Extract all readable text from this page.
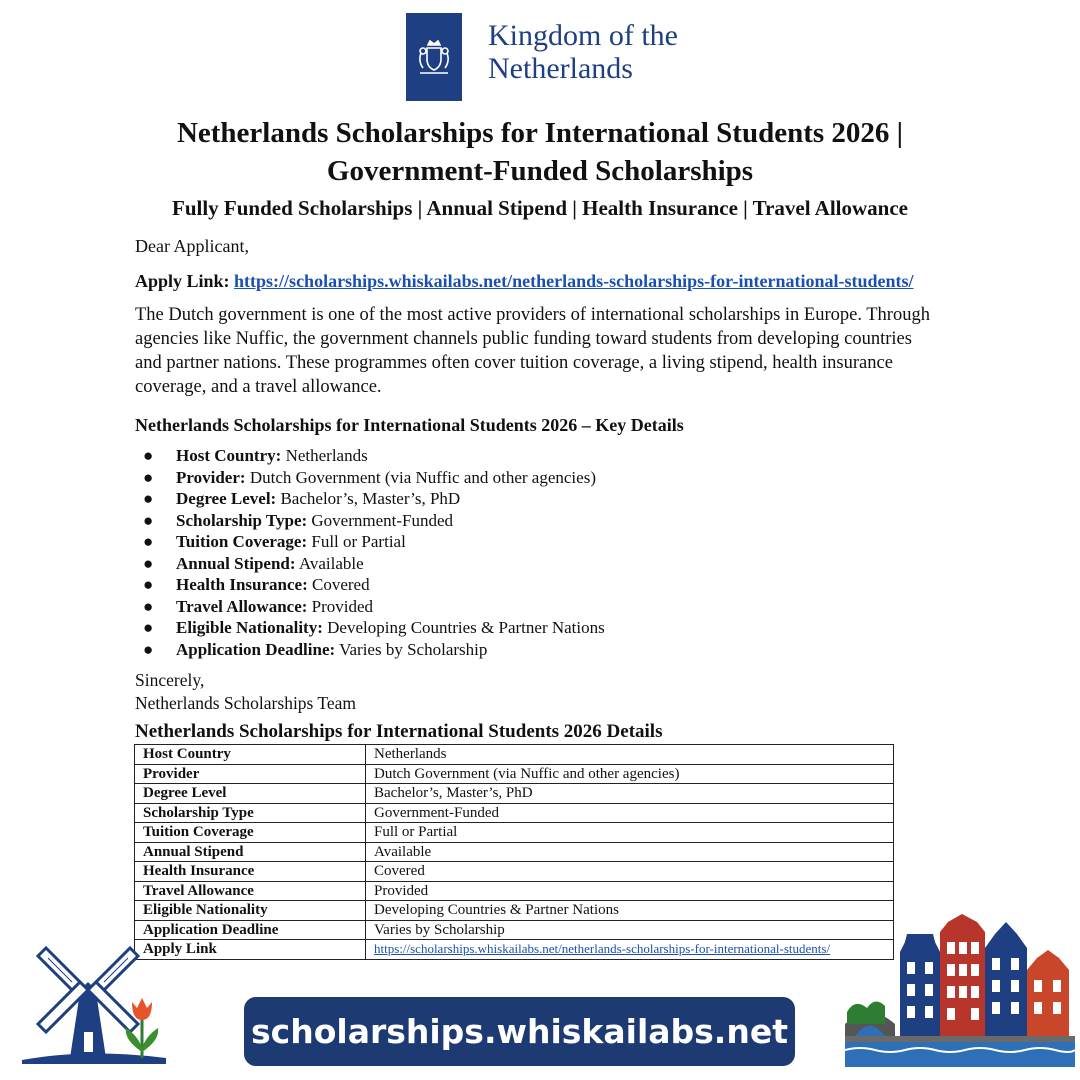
Kingdom of the
Netherlands
Netherlands Scholarships for International Students 2026 |
Government-Funded Scholarships
Fully Funded Scholarships | Annual Stipend | Health Insurance | Travel Allowance
Dear Applicant,
Apply Link: https://scholarships.whiskailabs.net/netherlands-scholarships-for-international-students/
The Dutch government is one of the most active providers of international scholarships in Europe. Through agencies like Nuffic, the government channels public funding toward students from developing countries and partner nations. These programmes often cover tuition coverage, a living stipend, health insurance coverage, and a travel allowance.
Netherlands Scholarships for International Students 2026 – Key Details
● Host Country: Netherlands
● Provider: Dutch Government (via Nuffic and other agencies)
● Degree Level: Bachelor’s, Master’s, PhD
● Scholarship Type: Government-Funded
● Tuition Coverage: Full or Partial
● Annual Stipend: Available
● Health Insurance: Covered
● Travel Allowance: Provided
● Eligible Nationality: Developing Countries & Partner Nations
● Application Deadline: Varies by Scholarship
Sincerely,
Netherlands Scholarships Team
Netherlands Scholarships for International Students 2026 Details
Host Country	Netherlands
Provider	Dutch Government (via Nuffic and other agencies)
Degree Level	Bachelor’s, Master’s, PhD
Scholarship Type	Government-Funded
Tuition Coverage	Full or Partial
Annual Stipend	Available
Health Insurance	Covered
Travel Allowance	Provided
Eligible Nationality	Developing Countries & Partner Nations
Application Deadline	Varies by Scholarship
Apply Link	https://scholarships.whiskailabs.net/netherlands-scholarships-for-international-students/
scholarships.whiskailabs.net
